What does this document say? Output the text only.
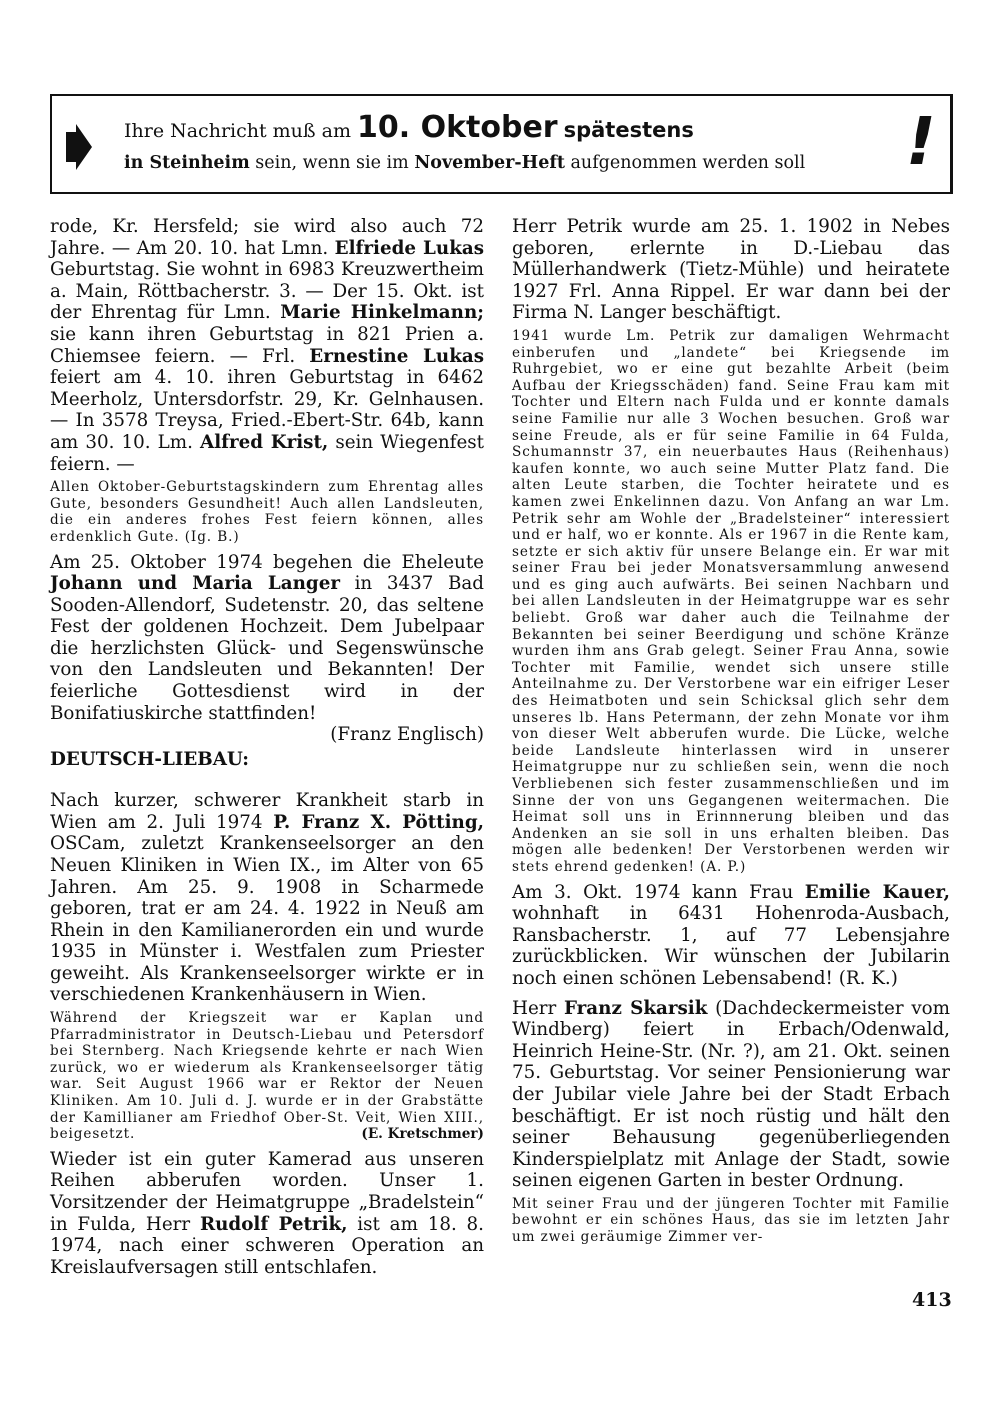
Ihre Nachricht muß am 10. Oktober spätestens
in Steinheim sein, wenn sie im November-Heft aufgenommen werden soll !

rode, Kr. Hersfeld; sie wird also auch 72 Jahre. — Am 20. 10. hat Lmn. Elfriede Lukas Geburtstag. Sie wohnt in 6983 Kreuzwertheim a. Main, Röttbacherstr. 3. — Der 15. Okt. ist der Ehrentag für Lmn. Marie Hinkelmann; sie kann ihren Geburtstag in 821 Prien a. Chiemsee feiern. — Frl. Ernestine Lukas feiert am 4. 10. ihren Geburtstag in 6462 Meerholz, Untersdorfstr. 29, Kr. Gelnhausen. — In 3578 Treysa, Fried.-Ebert-Str. 64b, kann am 30. 10. Lm. Alfred Krist, sein Wiegenfest feiern. —

Allen Oktober-Geburtstagskindern zum Ehrentag alles Gute, besonders Gesundheit! Auch allen Landsleuten, die ein anderes frohes Fest feiern können, alles erdenklich Gute. (Ig. B.)

Am 25. Oktober 1974 begehen die Eheleute Johann und Maria Langer in 3437 Bad Sooden-Allendorf, Sudetenstr. 20, das seltene Fest der goldenen Hochzeit. Dem Jubelpaar die herzlichsten Glück- und Segenswünsche von den Landsleuten und Bekannten! Der feierliche Gottesdienst wird in der Bonifatiuskirche stattfinden!

(Franz Englisch)

DEUTSCH-LIEBAU:

Nach kurzer, schwerer Krankheit starb in Wien am 2. Juli 1974 P. Franz X. Pötting, OSCam, zuletzt Krankenseelsorger an den Neuen Kliniken in Wien IX., im Alter von 65 Jahren. Am 25. 9. 1908 in Scharmede geboren, trat er am 24. 4. 1922 in Neuß am Rhein in den Kamilianerorden ein und wurde 1935 in Münster i. Westfalen zum Priester geweiht. Als Krankenseelsorger wirkte er in verschiedenen Krankenhäusern in Wien.

Während der Kriegszeit war er Kaplan und Pfarradministrator in Deutsch-Liebau und Petersdorf bei Sternberg. Nach Kriegsende kehrte er nach Wien zurück, wo er wiederum als Krankenseelsorger tätig war. Seit August 1966 war er Rektor der Neuen Kliniken. Am 10. Juli d. J. wurde er in der Grabstätte der Kamillianer am Friedhof Ober-St. Veit, Wien XIII., beigesetzt.	(E. Kretschmer)

Wieder ist ein guter Kamerad aus unseren Reihen abberufen worden. Unser 1. Vorsitzender der Heimatgruppe „Bradelstein“ in Fulda, Herr Rudolf Petrik, ist am 18. 8. 1974, nach einer schweren Operation an Kreislaufversagen still entschlafen.

Herr Petrik wurde am 25. 1. 1902 in Nebes geboren, erlernte in D.-Liebau das Müllerhandwerk (Tietz-Mühle) und heiratete 1927 Frl. Anna Rippel. Er war dann bei der Firma N. Langer beschäftigt.

1941 wurde Lm. Petrik zur damaligen Wehrmacht einberufen und „landete“ bei Kriegsende im Ruhrgebiet, wo er eine gut bezahlte Arbeit (beim Aufbau der Kriegsschäden) fand. Seine Frau kam mit Tochter und Eltern nach Fulda und er konnte damals seine Familie nur alle 3 Wochen besuchen. Groß war seine Freude, als er für seine Familie in 64 Fulda, Schumannstr 37, ein neuerbautes Haus (Reihenhaus) kaufen konnte, wo auch seine Mutter Platz fand. Die alten Leute starben, die Tochter heiratete und es kamen zwei Enkelinnen dazu. Von Anfang an war Lm. Petrik sehr am Wohle der „Bradelsteiner“ interessiert und er half, wo er konnte. Als er 1967 in die Rente kam, setzte er sich aktiv für unsere Belange ein. Er war mit seiner Frau bei jeder Monatsversammlung anwesend und es ging auch aufwärts. Bei seinen Nachbarn und bei allen Landsleuten in der Heimatgruppe war es sehr beliebt. Groß war daher auch die Teilnahme der Bekannten bei seiner Beerdigung und schöne Kränze wurden ihm ans Grab gelegt. Seiner Frau Anna, sowie Tochter mit Familie, wendet sich unsere stille Anteilnahme zu. Der Verstorbene war ein eifriger Leser des Heimatboten und sein Schicksal glich sehr dem unseres lb. Hans Petermann, der zehn Monate vor ihm von dieser Welt abberufen wurde. Die Lücke, welche beide Landsleute hinterlassen wird in unserer Heimatgruppe nur zu schließen sein, wenn die noch Verbliebenen sich fester zusammenschließen und im Sinne der von uns Gegangenen weitermachen. Die Heimat soll uns in Erinnnerung bleiben und das Andenken an sie soll in uns erhalten bleiben. Das mögen alle bedenken! Der Verstorbenen werden wir stets ehrend gedenken! (A. P.)

Am 3. Okt. 1974 kann Frau Emilie Kauer, wohnhaft in 6431 Hohenroda-Ausbach, Ransbacherstr. 1, auf 77 Lebensjahre zurückblicken. Wir wünschen der Jubilarin noch einen schönen Lebensabend! (R. K.)

Herr Franz Skarsik (Dachdeckermeister vom Windberg) feiert in Erbach/Odenwald, Heinrich Heine-Str. (Nr. ?), am 21. Okt. seinen 75. Geburtstag. Vor seiner Pensionierung war der Jubilar viele Jahre bei der Stadt Erbach beschäftigt. Er ist noch rüstig und hält den seiner Behausung gegenüberliegenden Kinderspielplatz mit Anlage der Stadt, sowie seinen eigenen Garten in bester Ordnung.

Mit seiner Frau und der jüngeren Tochter mit Familie bewohnt er ein schönes Haus, das sie im letzten Jahr um zwei geräumige Zimmer ver-

413
